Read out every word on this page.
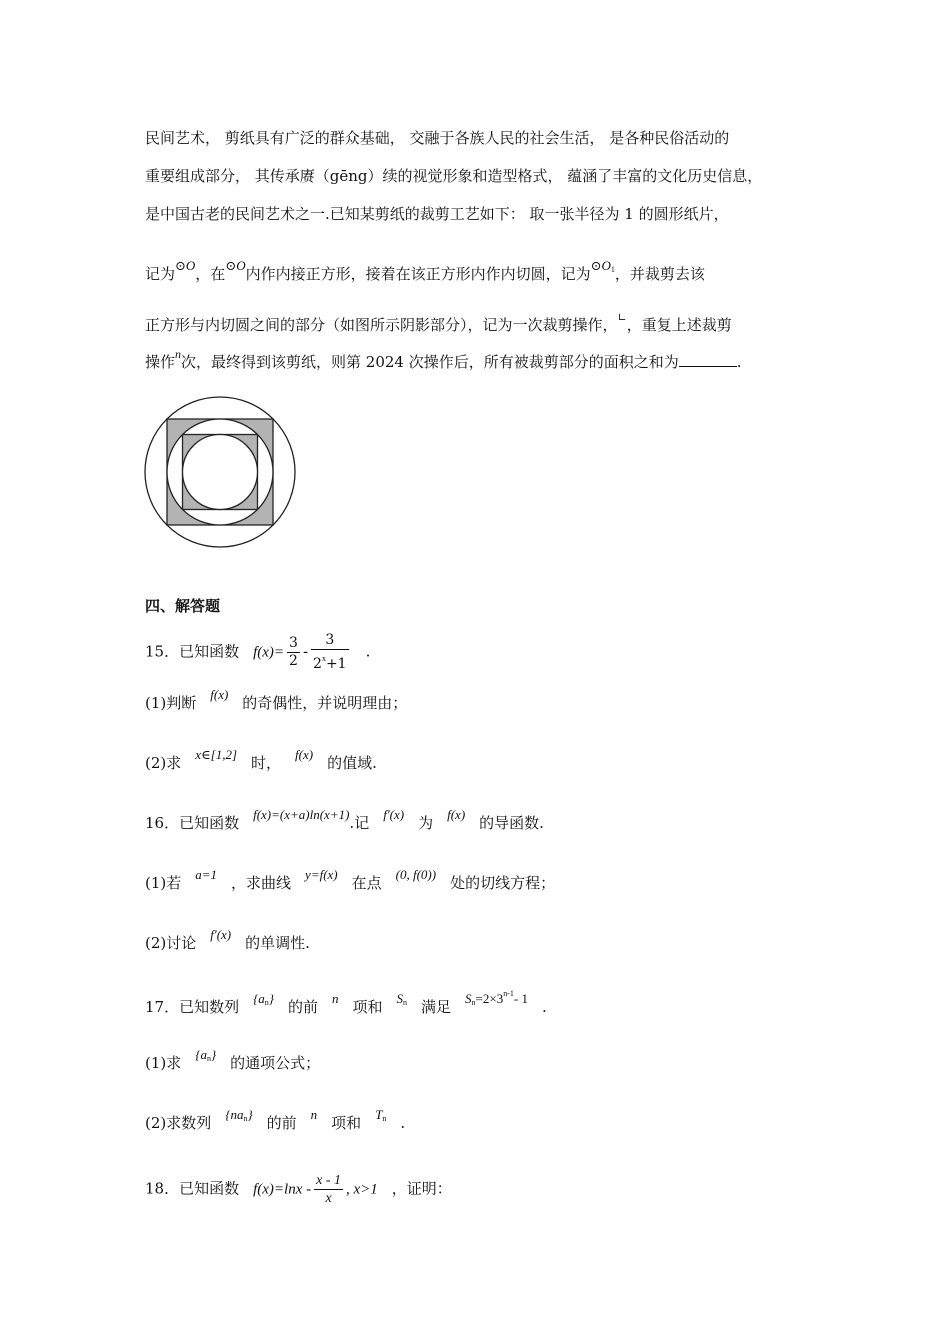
民间艺术， 剪纸具有广泛的群众基础， 交融于各族人民的社会生活， 是各种民俗活动的
重要组成部分， 其传承赓（gēng）续的视觉形象和造型格式， 蕴涵了丰富的文化历史信息，
是中国古老的民间艺术之一.已知某剪纸的裁剪工艺如下： 取一张半径为 1 的圆形纸片，
记为⊙O，在⊙O内作内接正方形，接着在该正方形内作内切圆，记为⊙O1，并裁剪去该
正方形与内切圆之间的部分（如图所示阴影部分），记为一次裁剪操作，∟，重复上述裁剪
操作$^n$次，最终得到该剪纸，则第 2024 次操作后，所有被裁剪部分的面积之和为	.
四、解答题
15．已知函数 $f(x)= \frac{3}{2} - \frac{3}{2^x+1}$ .
(1)判断 f(x) 的奇偶性，并说明理由；
(2)求 x∈[1,2] 时， f(x) 的值域.
16．已知函数 f(x)=(x+a)ln(x+1).记 f′(x) 为 f(x) 的导函数.
(1)若 a=1 ，求曲线 y=f(x) 在点 (0, f(0)) 处的切线方程；
(2)讨论 f′(x) 的单调性.
17．已知数列 {an} 的前 n 项和 Sn 满足 $Sn=2\times 3^{n-1}-$ 1 .
(1)求 {an} 的通项公式；
(2)求数列 {nan} 的前 n 项和 Tn .
18．已知函数 $f(x)=\ln x - \frac{x - 1}{x}$ , x>1 ，证明：
